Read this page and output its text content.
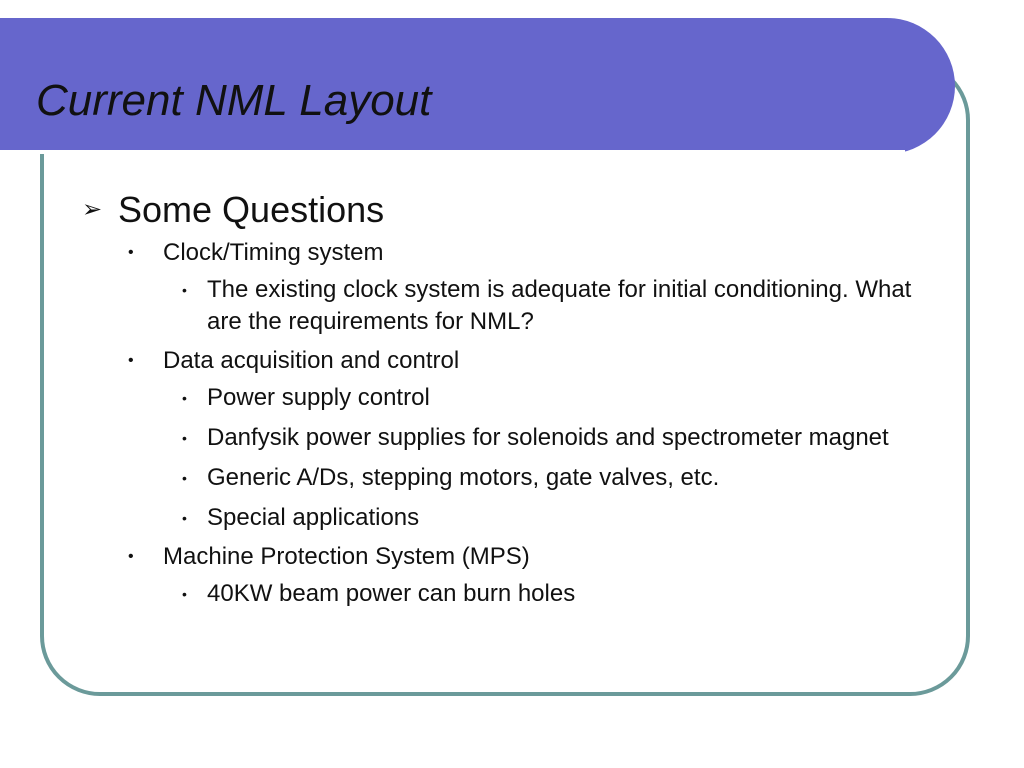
Current NML Layout
➢ Some Questions
• Clock/Timing system
• The existing clock system is adequate for initial conditioning. What are the requirements for NML?
• Data acquisition and control
• Power supply control
• Danfysik power supplies for solenoids and spectrometer magnet
• Generic A/Ds, stepping motors, gate valves, etc.
• Special applications
• Machine Protection System (MPS)
• 40KW beam power can burn holes
